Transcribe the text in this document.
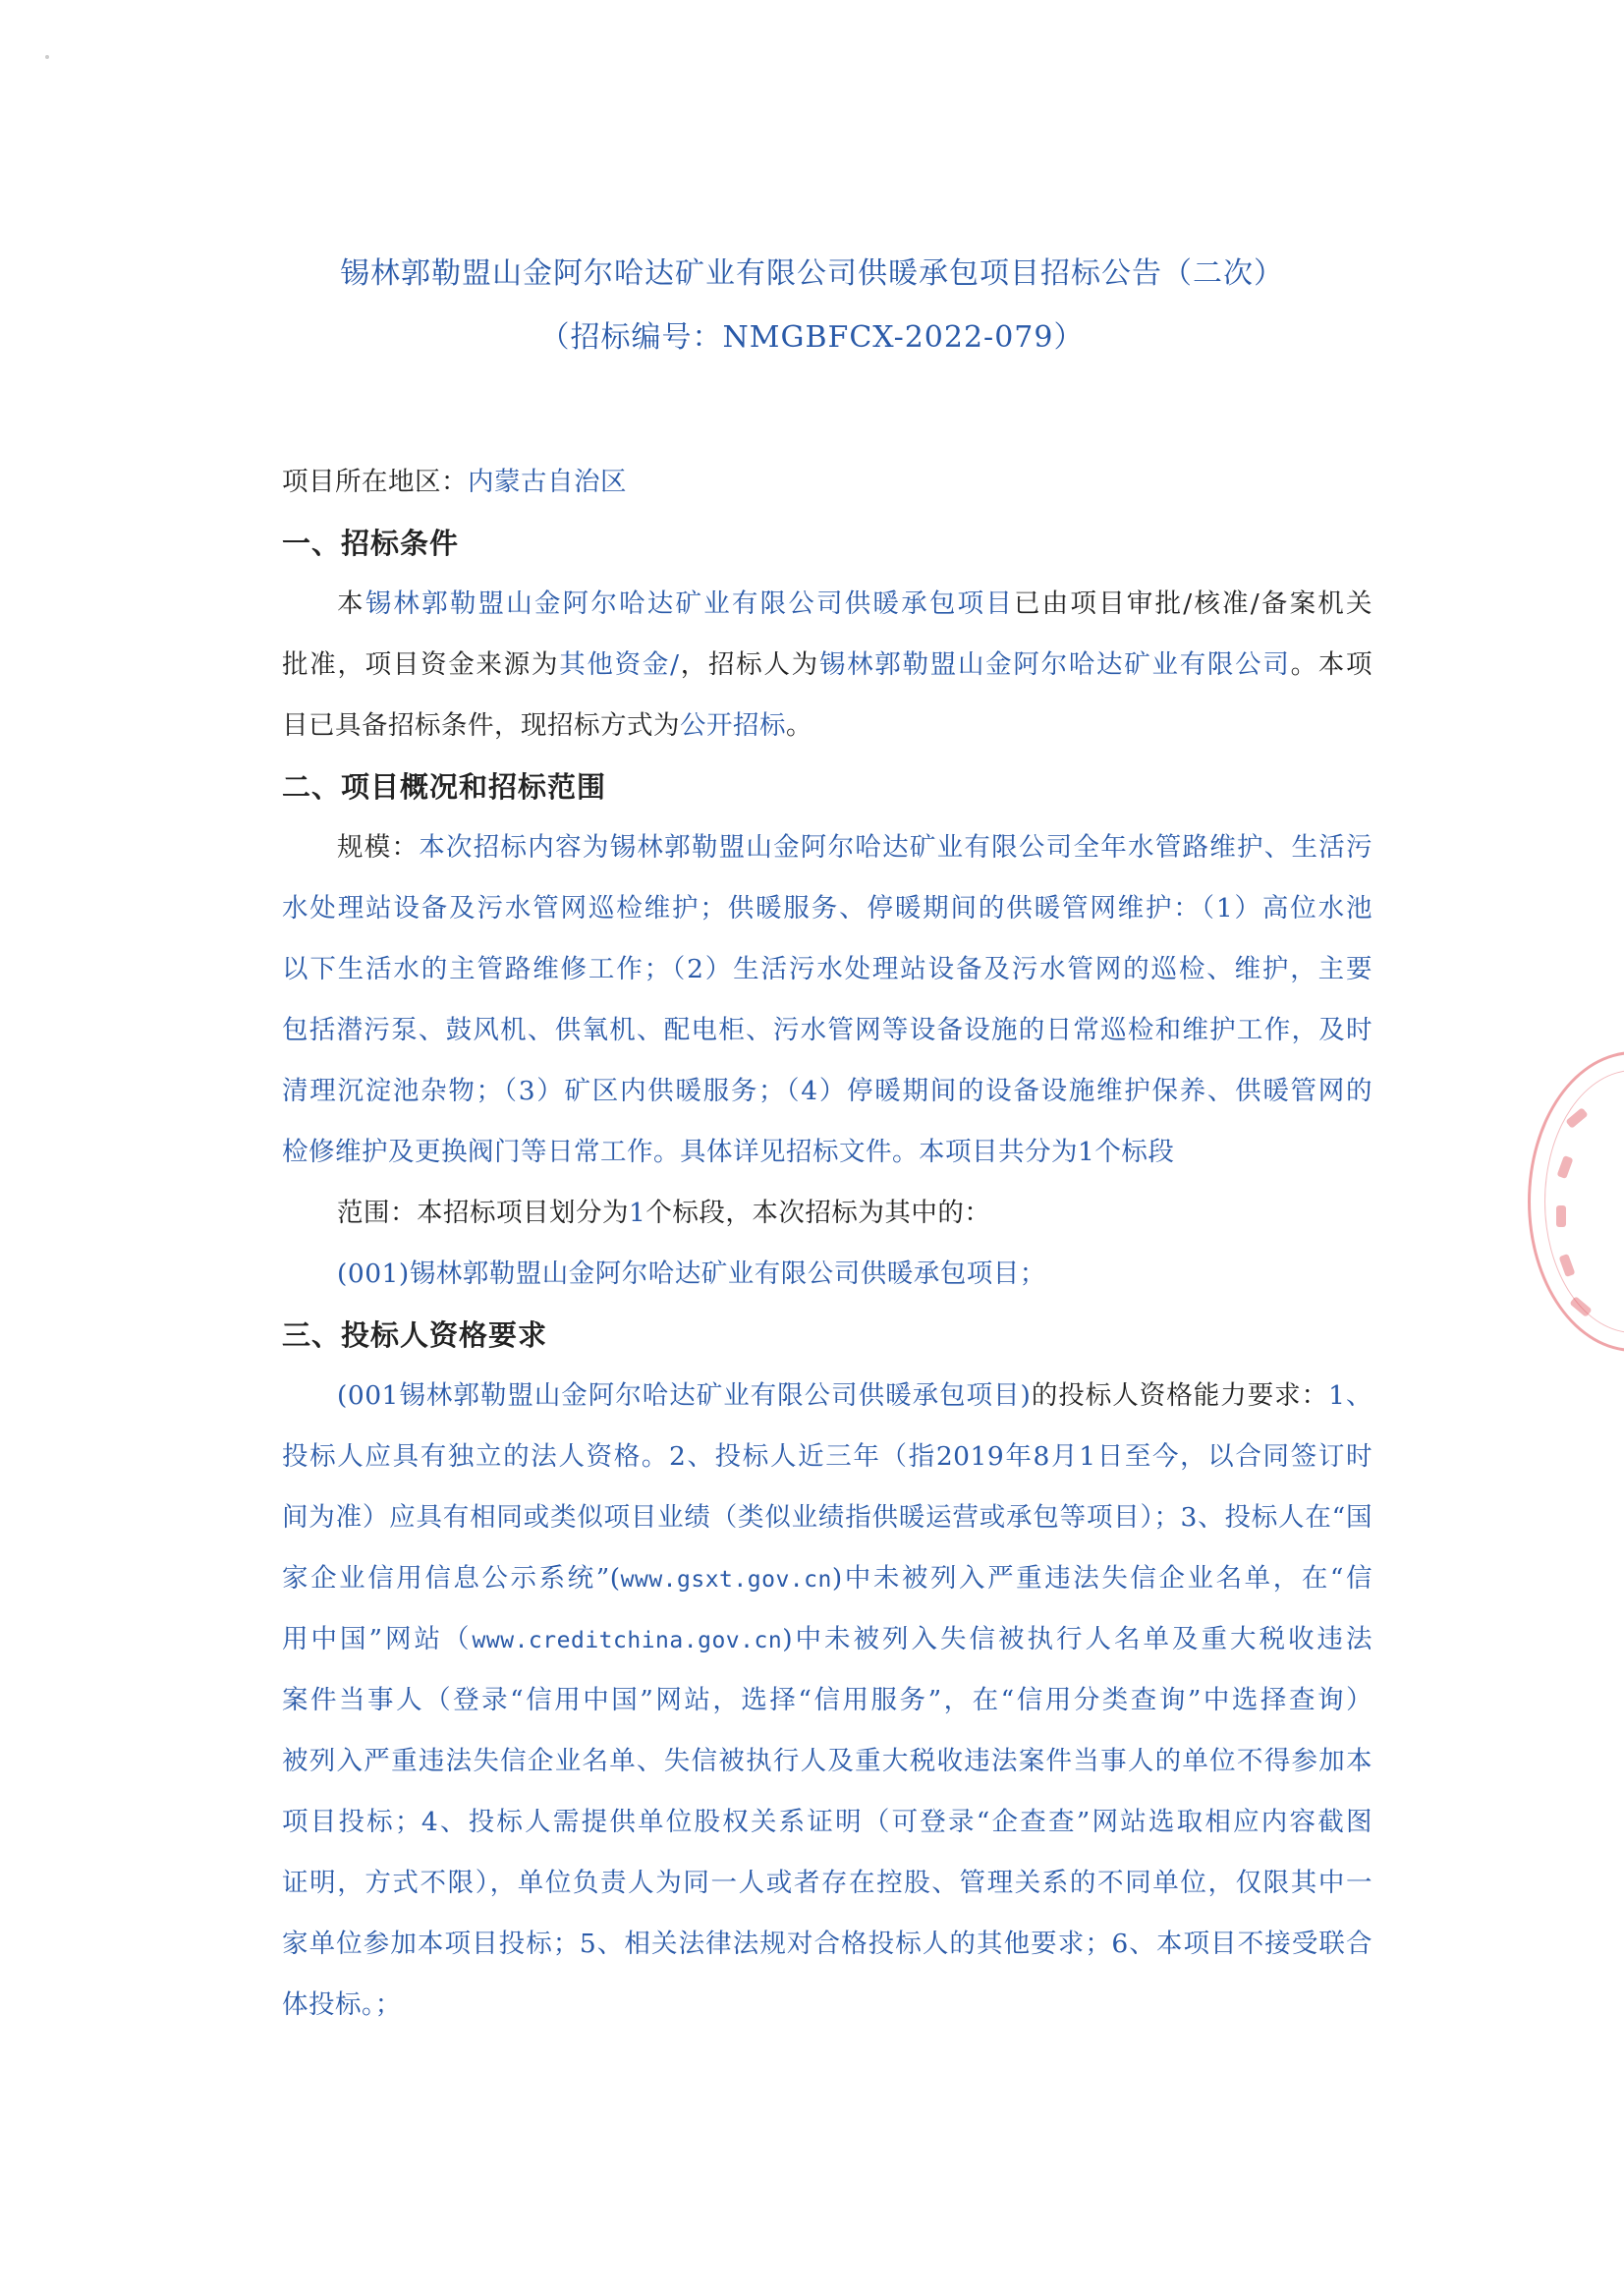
锡林郭勒盟山金阿尔哈达矿业有限公司供暖承包项目招标公告（二次）
（招标编号：NMGBFCX-2022-079）
项目所在地区：内蒙古自治区
一、招标条件
本锡林郭勒盟山金阿尔哈达矿业有限公司供暖承包项目已由项目审批/核准/备案机关
批准，项目资金来源为其他资金/，招标人为锡林郭勒盟山金阿尔哈达矿业有限公司。本项
目已具备招标条件，现招标方式为公开招标。
二、项目概况和招标范围
规模：本次招标内容为锡林郭勒盟山金阿尔哈达矿业有限公司全年水管路维护、生活污
水处理站设备及污水管网巡检维护；供暖服务、停暖期间的供暖管网维护：（1）高位水池
以下生活水的主管路维修工作；（2）生活污水处理站设备及污水管网的巡检、维护，主要
包括潜污泵、鼓风机、供氧机、配电柜、污水管网等设备设施的日常巡检和维护工作，及时
清理沉淀池杂物；（3）矿区内供暖服务；（4）停暖期间的设备设施维护保养、供暖管网的
检修维护及更换阀门等日常工作。具体详见招标文件。本项目共分为1个标段
范围：本招标项目划分为1个标段，本次招标为其中的：
(001)锡林郭勒盟山金阿尔哈达矿业有限公司供暖承包项目；
三、投标人资格要求
(001锡林郭勒盟山金阿尔哈达矿业有限公司供暖承包项目)的投标人资格能力要求：1、
投标人应具有独立的法人资格。2、投标人近三年（指2019年8月1日至今，以合同签订时
间为准）应具有相同或类似项目业绩（类似业绩指供暖运营或承包等项目）；3、投标人在“国
家企业信用信息公示系统”(www.gsxt.gov.cn)中未被列入严重违法失信企业名单，在“信
用中国”网站（www.creditchina.gov.cn)中未被列入失信被执行人名单及重大税收违法
案件当事人（登录“信用中国”网站，选择“信用服务”，在“信用分类查询”中选择查询）
被列入严重违法失信企业名单、失信被执行人及重大税收违法案件当事人的单位不得参加本
项目投标；4、投标人需提供单位股权关系证明（可登录“企查查”网站选取相应内容截图
证明，方式不限），单位负责人为同一人或者存在控股、管理关系的不同单位，仅限其中一
家单位参加本项目投标；5、相关法律法规对合格投标人的其他要求；6、本项目不接受联合
体投标。；
